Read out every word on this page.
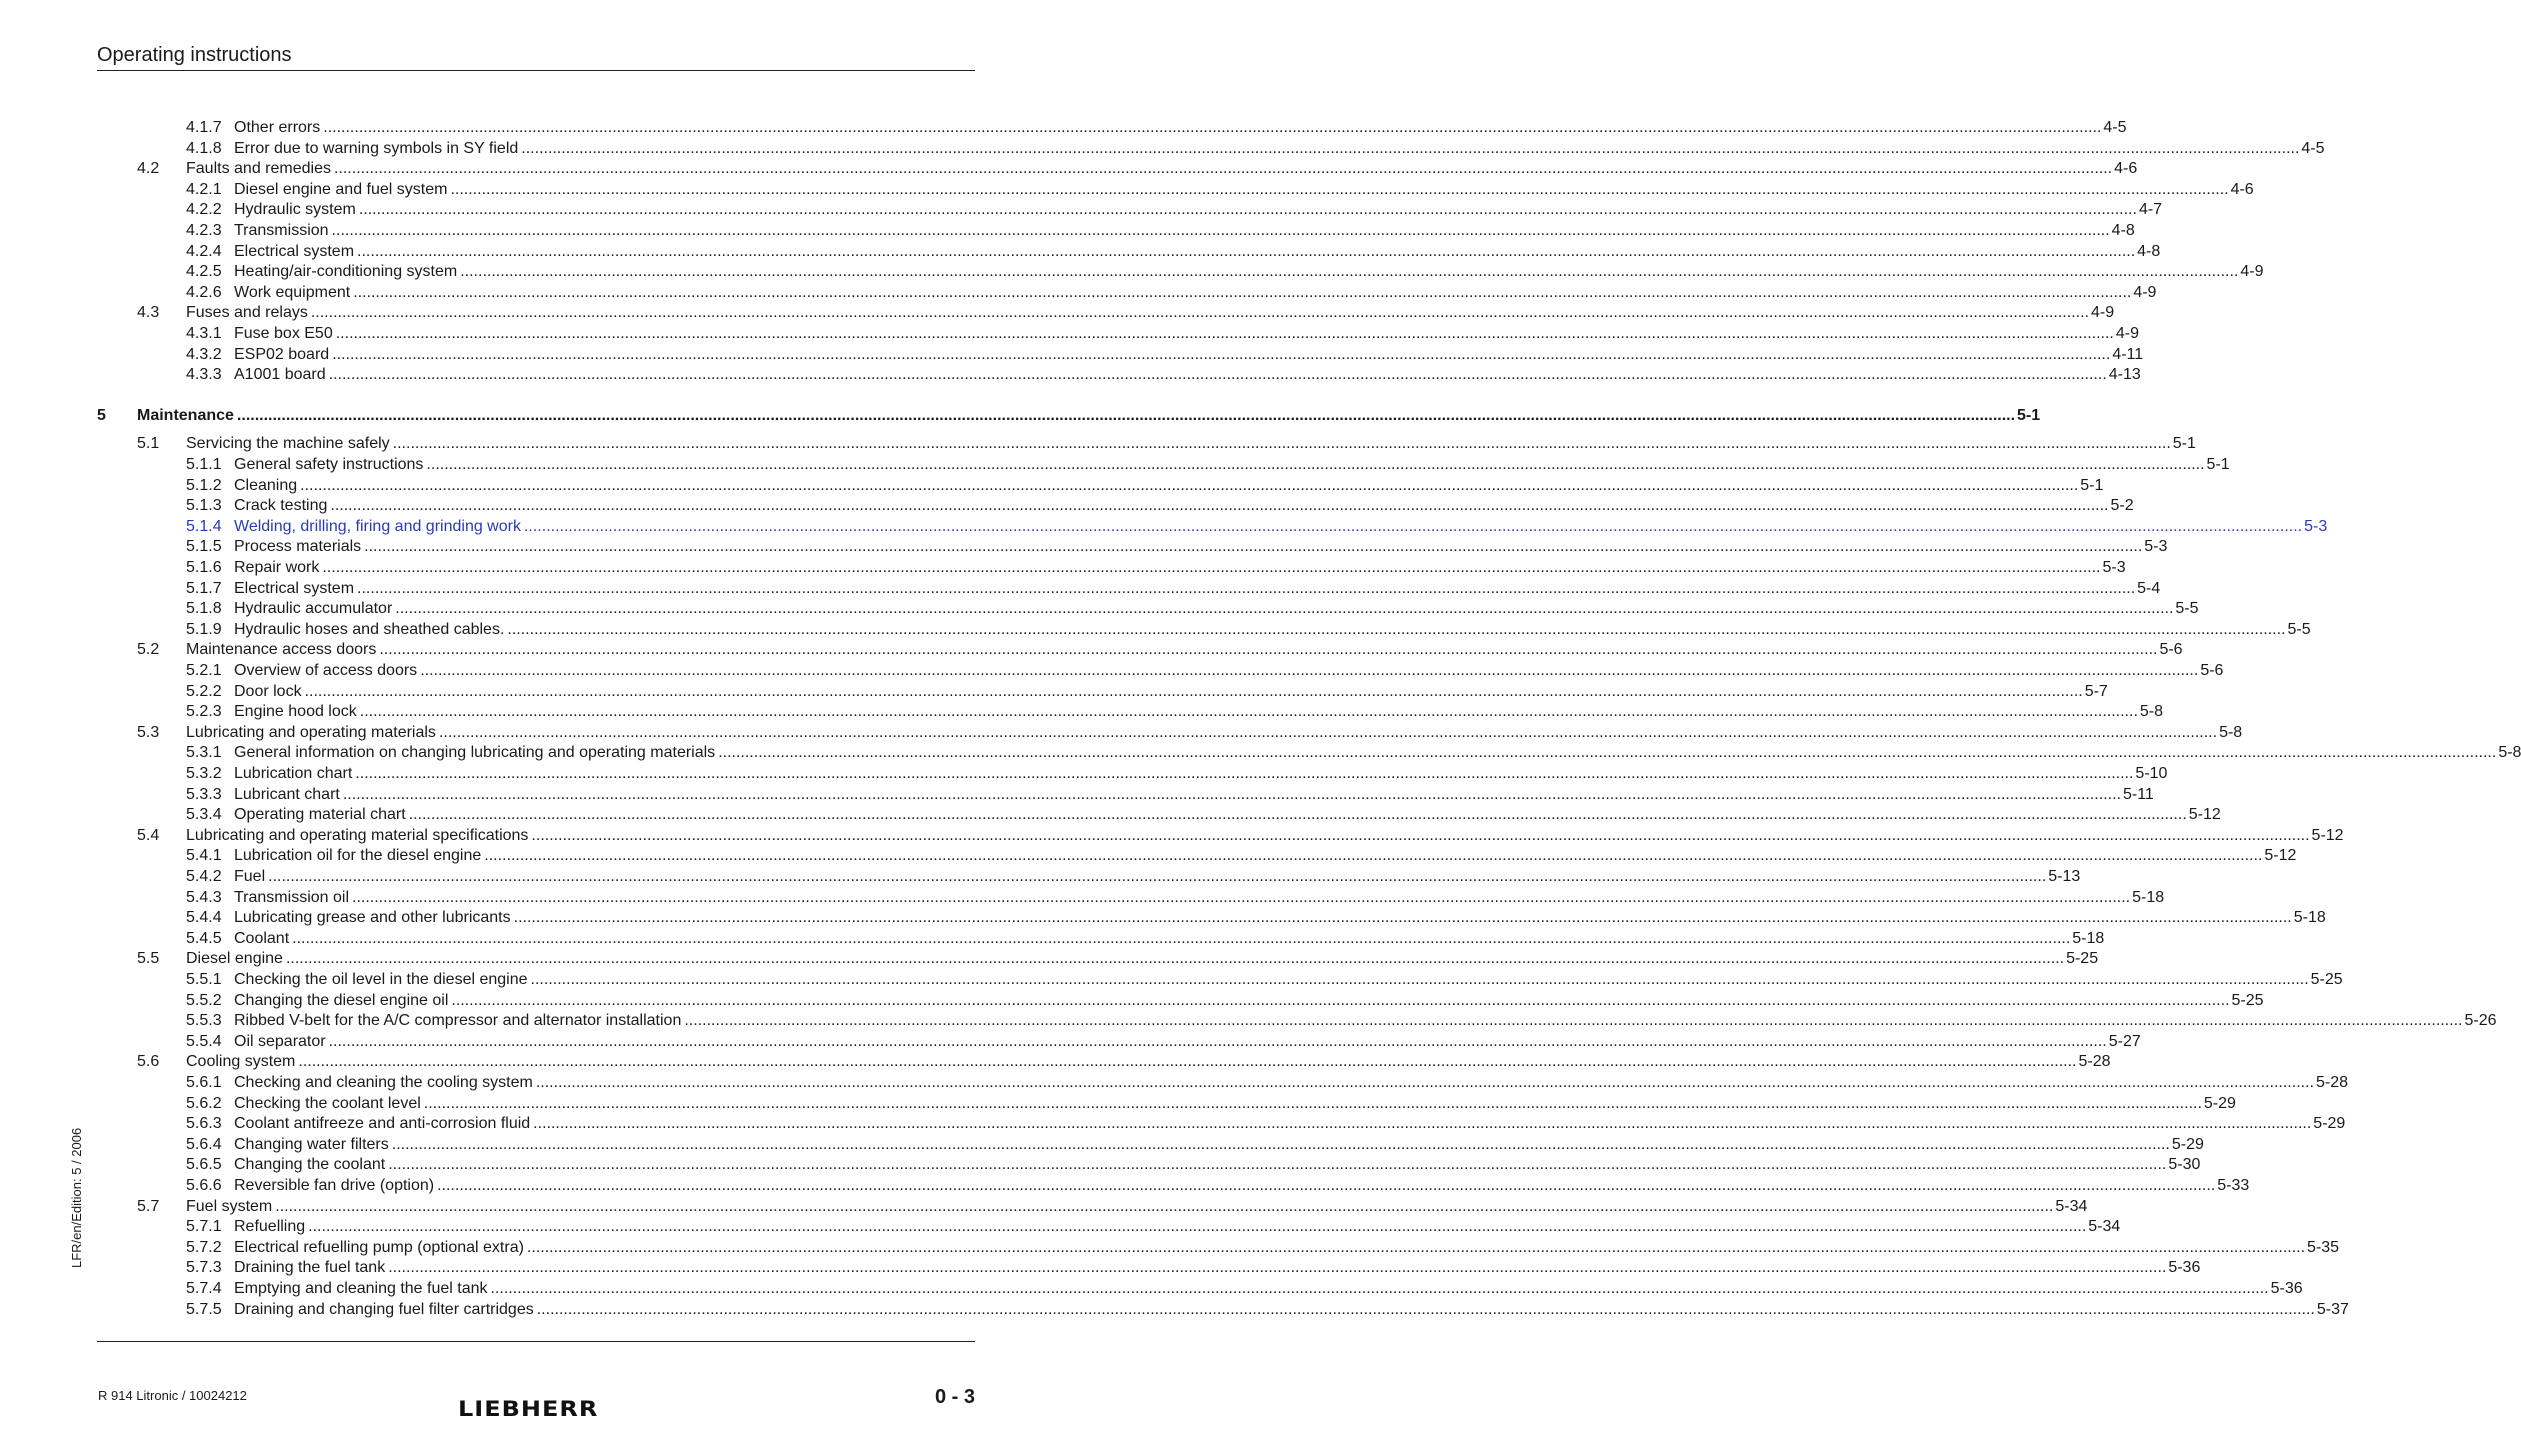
Operating instructions
4.1.7 Other errors ................................................................................................................................................................................................................................................................................................................................................................................................................ 4-5
4.1.8 Error due to warning symbols in SY field ................................................................................................................................................................................................................................................................................................................................................................................................................ 4-5
4.2 Faults and remedies ................................................................................................................................................................................................................................................................................................................................................................................................................ 4-6
4.2.1 Diesel engine and fuel system ................................................................................................................................................................................................................................................................................................................................................................................................................ 4-6
4.2.2 Hydraulic system ................................................................................................................................................................................................................................................................................................................................................................................................................ 4-7
4.2.3 Transmission ................................................................................................................................................................................................................................................................................................................................................................................................................ 4-8
4.2.4 Electrical system ................................................................................................................................................................................................................................................................................................................................................................................................................ 4-8
4.2.5 Heating/air-conditioning system ................................................................................................................................................................................................................................................................................................................................................................................................................ 4-9
4.2.6 Work equipment ................................................................................................................................................................................................................................................................................................................................................................................................................ 4-9
4.3 Fuses and relays ................................................................................................................................................................................................................................................................................................................................................................................................................ 4-9
4.3.1 Fuse box E50 ................................................................................................................................................................................................................................................................................................................................................................................................................ 4-9
4.3.2 ESP02 board ................................................................................................................................................................................................................................................................................................................................................................................................................ 4-11
4.3.3 A1001 board ................................................................................................................................................................................................................................................................................................................................................................................................................ 4-13
5 Maintenance ................................................................................................................................................................................................................................................................................................................................................................................................................ 5-1
5.1 Servicing the machine safely ................................................................................................................................................................................................................................................................................................................................................................................................................ 5-1
5.1.1 General safety instructions ................................................................................................................................................................................................................................................................................................................................................................................................................ 5-1
5.1.2 Cleaning ................................................................................................................................................................................................................................................................................................................................................................................................................ 5-1
5.1.3 Crack testing ................................................................................................................................................................................................................................................................................................................................................................................................................ 5-2
5.1.4 Welding, drilling, firing and grinding work ................................................................................................................................................................................................................................................................................................................................................................................................................ 5-3
5.1.5 Process materials ................................................................................................................................................................................................................................................................................................................................................................................................................ 5-3
5.1.6 Repair work ................................................................................................................................................................................................................................................................................................................................................................................................................ 5-3
5.1.7 Electrical system ................................................................................................................................................................................................................................................................................................................................................................................................................ 5-4
5.1.8 Hydraulic accumulator ................................................................................................................................................................................................................................................................................................................................................................................................................ 5-5
5.1.9 Hydraulic hoses and sheathed cables. ................................................................................................................................................................................................................................................................................................................................................................................................................ 5-5
5.2 Maintenance access doors ................................................................................................................................................................................................................................................................................................................................................................................................................ 5-6
5.2.1 Overview of access doors ................................................................................................................................................................................................................................................................................................................................................................................................................ 5-6
5.2.2 Door lock ................................................................................................................................................................................................................................................................................................................................................................................................................ 5-7
5.2.3 Engine hood lock ................................................................................................................................................................................................................................................................................................................................................................................................................ 5-8
5.3 Lubricating and operating materials ................................................................................................................................................................................................................................................................................................................................................................................................................ 5-8
5.3.1 General information on changing lubricating and operating materials ................................................................................................................................................................................................................................................................................................................................................................................................................ 5-8
5.3.2 Lubrication chart ................................................................................................................................................................................................................................................................................................................................................................................................................ 5-10
5.3.3 Lubricant chart ................................................................................................................................................................................................................................................................................................................................................................................................................ 5-11
5.3.4 Operating material chart ................................................................................................................................................................................................................................................................................................................................................................................................................ 5-12
5.4 Lubricating and operating material specifications ................................................................................................................................................................................................................................................................................................................................................................................................................ 5-12
5.4.1 Lubrication oil for the diesel engine ................................................................................................................................................................................................................................................................................................................................................................................................................ 5-12
5.4.2 Fuel ................................................................................................................................................................................................................................................................................................................................................................................................................ 5-13
5.4.3 Transmission oil ................................................................................................................................................................................................................................................................................................................................................................................................................ 5-18
5.4.4 Lubricating grease and other lubricants ................................................................................................................................................................................................................................................................................................................................................................................................................ 5-18
5.4.5 Coolant ................................................................................................................................................................................................................................................................................................................................................................................................................ 5-18
5.5 Diesel engine ................................................................................................................................................................................................................................................................................................................................................................................................................ 5-25
5.5.1 Checking the oil level in the diesel engine ................................................................................................................................................................................................................................................................................................................................................................................................................ 5-25
5.5.2 Changing the diesel engine oil ................................................................................................................................................................................................................................................................................................................................................................................................................ 5-25
5.5.3 Ribbed V-belt for the A/C compressor and alternator installation ................................................................................................................................................................................................................................................................................................................................................................................................................ 5-26
5.5.4 Oil separator ................................................................................................................................................................................................................................................................................................................................................................................................................ 5-27
5.6 Cooling system ................................................................................................................................................................................................................................................................................................................................................................................................................ 5-28
5.6.1 Checking and cleaning the cooling system ................................................................................................................................................................................................................................................................................................................................................................................................................ 5-28
5.6.2 Checking the coolant level ................................................................................................................................................................................................................................................................................................................................................................................................................ 5-29
5.6.3 Coolant antifreeze and anti-corrosion fluid ................................................................................................................................................................................................................................................................................................................................................................................................................ 5-29
5.6.4 Changing water filters ................................................................................................................................................................................................................................................................................................................................................................................................................ 5-29
5.6.5 Changing the coolant ................................................................................................................................................................................................................................................................................................................................................................................................................ 5-30
5.6.6 Reversible fan drive (option) ................................................................................................................................................................................................................................................................................................................................................................................................................ 5-33
5.7 Fuel system ................................................................................................................................................................................................................................................................................................................................................................................................................ 5-34
5.7.1 Refuelling ................................................................................................................................................................................................................................................................................................................................................................................................................ 5-34
5.7.2 Electrical refuelling pump (optional extra) ................................................................................................................................................................................................................................................................................................................................................................................................................ 5-35
5.7.3 Draining the fuel tank ................................................................................................................................................................................................................................................................................................................................................................................................................ 5-36
5.7.4 Emptying and cleaning the fuel tank ................................................................................................................................................................................................................................................................................................................................................................................................................ 5-36
5.7.5 Draining and changing fuel filter cartridges ................................................................................................................................................................................................................................................................................................................................................................................................................ 5-37
LFR/en/Edition: 5 / 2006
R 914 Litronic / 10024212
LIEBHERR	0 - 3
